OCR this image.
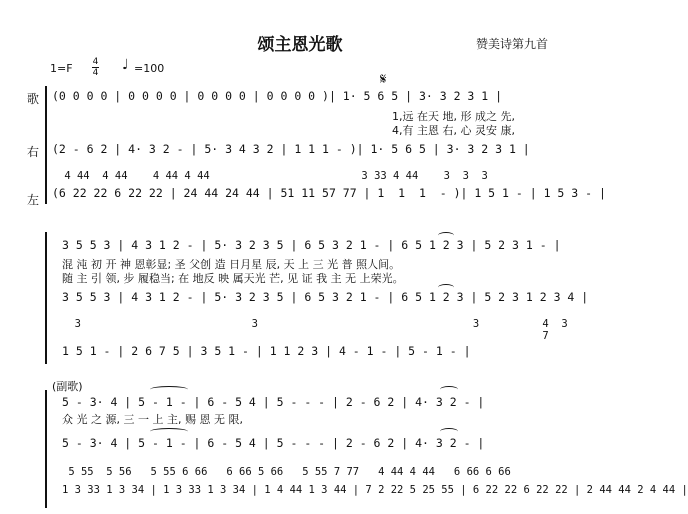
颂主恩光歌	赞美诗第九首
1=F 4
4 ♩ =100
𝄋
歌
右
左
(0 0 0 0 | 0 0 0 0 | 0 0 0 0 | 0 0 0 0 )| 1· 5 6 5 | 3· 3 2 3 1 |
1,远 在天 地, 形 成之 先,
4,有 主恩 右, 心 灵安 康,
(2 - 6 2 | 4· 3 2 - | 5· 3 4 3 2 | 1 1 1 - )| 1· 5 6 5 | 3· 3 2 3 1 |
4 44  4 44    4 44 4 44                        3 33 4 44    3  3  3
(6 22 22 6 22 22 | 24 44 24 44 | 51 11 57 77 | 1  1  1  - )| 1 5 1 - | 1 5 3 - |
3 5 5 3 | 4 3 1 2 - | 5· 3 2 3 5 | 6 5 3 2 1 - | 6 5 1 2 3 | 5 2 3 1 - |
混 沌 初 开 神 恩彰显; 圣 父创 造 日月星 辰, 天 上 三 光 普 照人间。
随 主 引 领, 步 履稳当; 在 地反 映 属天光 芒, 见 证 我 主 无 上荣光。
3 5 5 3 | 4 3 1 2 - | 5· 3 2 3 5 | 6 5 3 2 1 - | 6 5 1 2 3 | 5 2 3 1 2 3 4 |
3                           3                                  3          4  3
7
1 5 1 - | 2 6 7 5 | 3 5 1 - | 1 1 2 3 | 4 - 1 - | 5 - 1 - |
(副歌)
5 - 3· 4 | 5 - 1 - | 6 - 5 4 | 5 - - - | 2 - 6 2 | 4· 3 2 - |
众 光 之 源, 三 一 上 主, 赐 恩 无 限,
5 - 3· 4 | 5 - 1 - | 6 - 5 4 | 5 - - - | 2 - 6 2 | 4· 3 2 - |
5 55  5 56   5 55 6 66   6 66 5 66   5 55 7 77   4 44 4 44   6 66 6 66
1 3 33 1 3 34 | 1 3 33 1 3 34 | 1 4 44 1 3 44 | 7 2 22 5 25 55 | 6 22 22 6 22 22 | 2 44 44 2 4 44 |
